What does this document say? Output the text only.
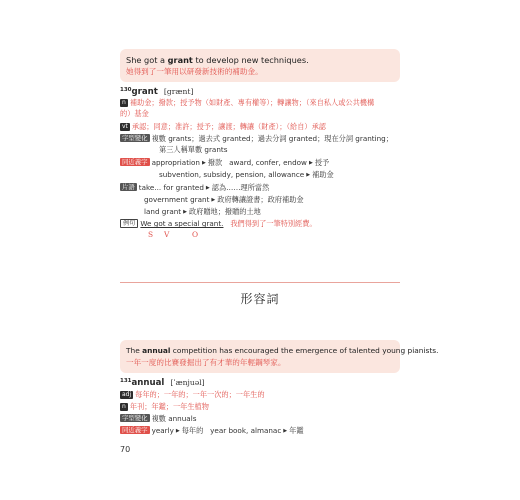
She got a grant to develop new techniques.
她得到了一筆用以研發新技術的補助金。
$^{130}$grant [grænt]
n 補助金；撥款；授予物（如財產、專有權等）；轉讓物；（來自私人或公共機構
的）基金
vt 承認；同意；准許；授予；讓渡；轉讓（財產）；（給自）承認
字型變化 複數 grants；過去式 granted；過去分詞 granted；現在分詞 granting；
第三人稱單數 grants
同近義字 appropriation ▶ 撥款 award, confer, endow ▶ 授予
subvention, subsidy, pension, allowance ▶ 補助金
片語 take... for granted ▶ 認為……理所當然
government grant ▶ 政府轉讓證書；政府補助金
land grant ▶ 政府贈地；撥贈的土地
例句 We got a special grant. 我們得到了一筆特別經費。
S V	O
形容詞
The annual competition has encouraged the emergence of talented young pianists.
一年一度的比賽發掘出了有才華的年輕鋼琴家。
$^{131}$annual [ˈænjuəl]
adj 每年的；一年的；一年一次的；一年生的
n 年刊；年鑑；一年生植物
字型變化 複數 annuals
同近義字 yearly ▶ 每年的 year book, almanac ▶ 年鑑
70
